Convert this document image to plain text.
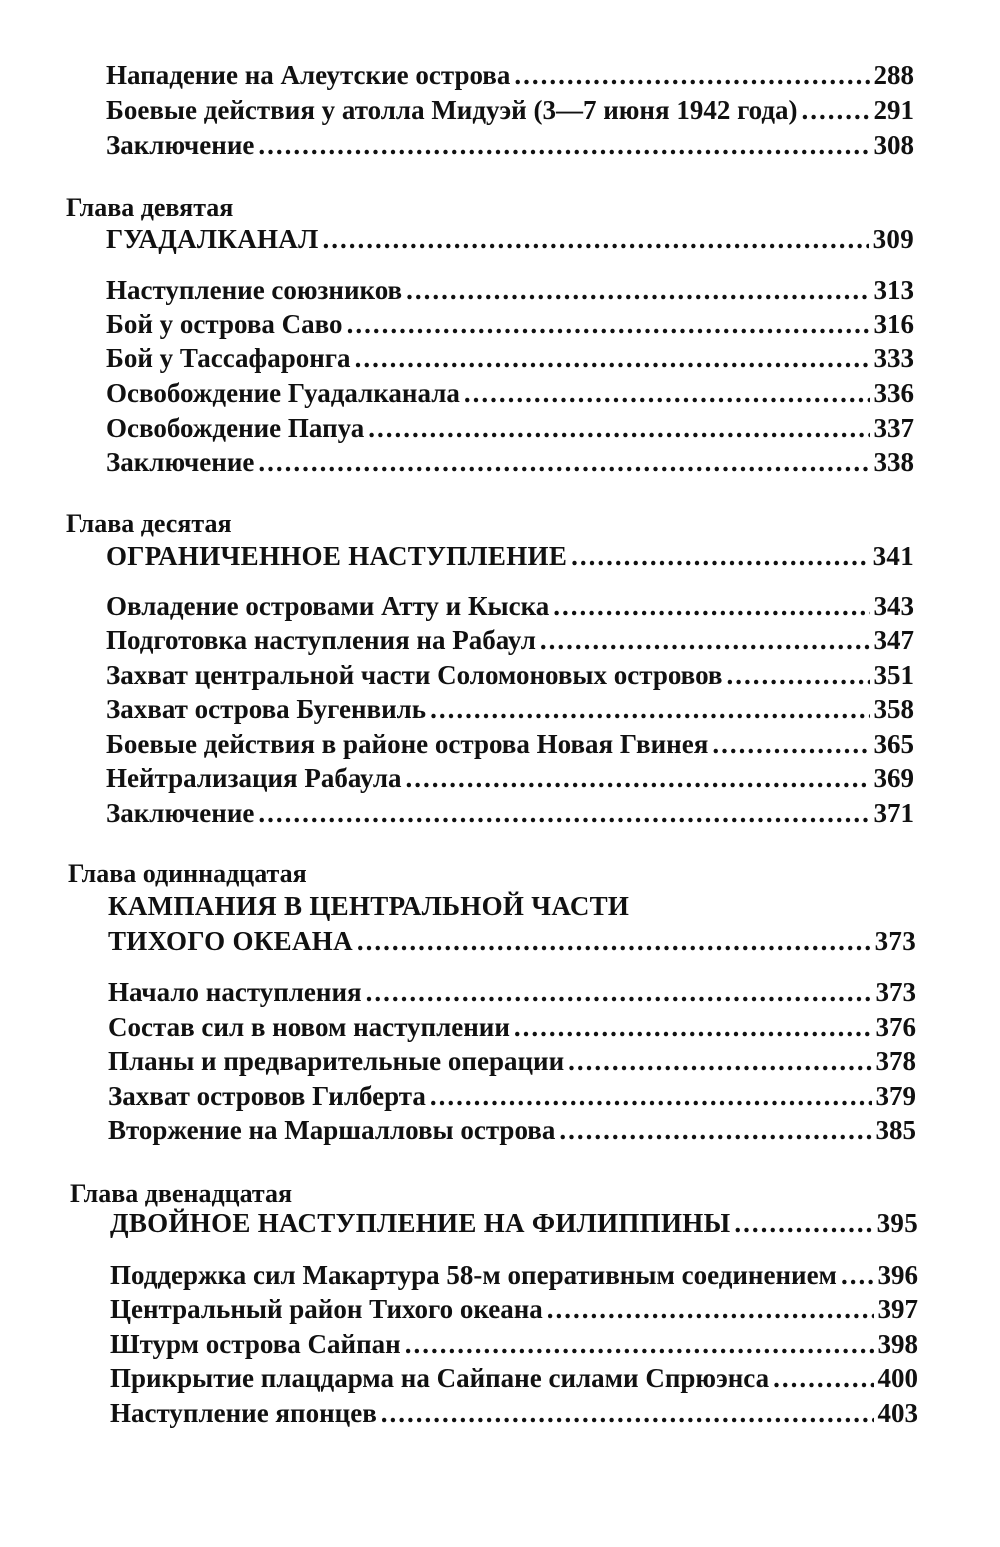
Нападение на Алеутские острова .....	288
Боевые действия у атолла Мидуэй (3—7 июня 1942 года) .....	291
Заключение .....	308
Глава девятая
ГУАДАЛКАНАЛ .....	309
Наступление союзников .....	313
Бой у острова Саво .....	316
Бой у Тассафаронга .....	333
Освобождение Гуадалканала .....	336
Освобождение Папуа .....	337
Заключение .....	338
Глава десятая
ОГРАНИЧЕННОЕ НАСТУПЛЕНИЕ .....	341
Овладение островами Атту и Кыска .....	343
Подготовка наступления на Рабаул .....	347
Захват центральной части Соломоновых островов .....	351
Захват острова Бугенвиль .....	358
Боевые действия в районе острова Новая Гвинея .....	365
Нейтрализация Рабаула .....	369
Заключение .....	371
Глава одиннадцатая
КАМПАНИЯ В ЦЕНТРАЛЬНОЙ ЧАСТИ
ТИХОГО ОКЕАНА .....	373
Начало наступления .....	373
Состав сил в новом наступлении .....	376
Планы и предварительные операции .....	378
Захват островов Гилберта .....	379
Вторжение на Маршалловы острова .....	385
Глава двенадцатая
ДВОЙНОЕ НАСТУПЛЕНИЕ НА ФИЛИППИНЫ .....	395
Поддержка сил Макартура 58-м оперативным соединением ..... 396
Центральный район Тихого океана .....	397
Штурм острова Сайпан .....	398
Прикрытие плацдарма на Сайпане силами Спрюэнса .....	400
Наступление японцев .....	403
